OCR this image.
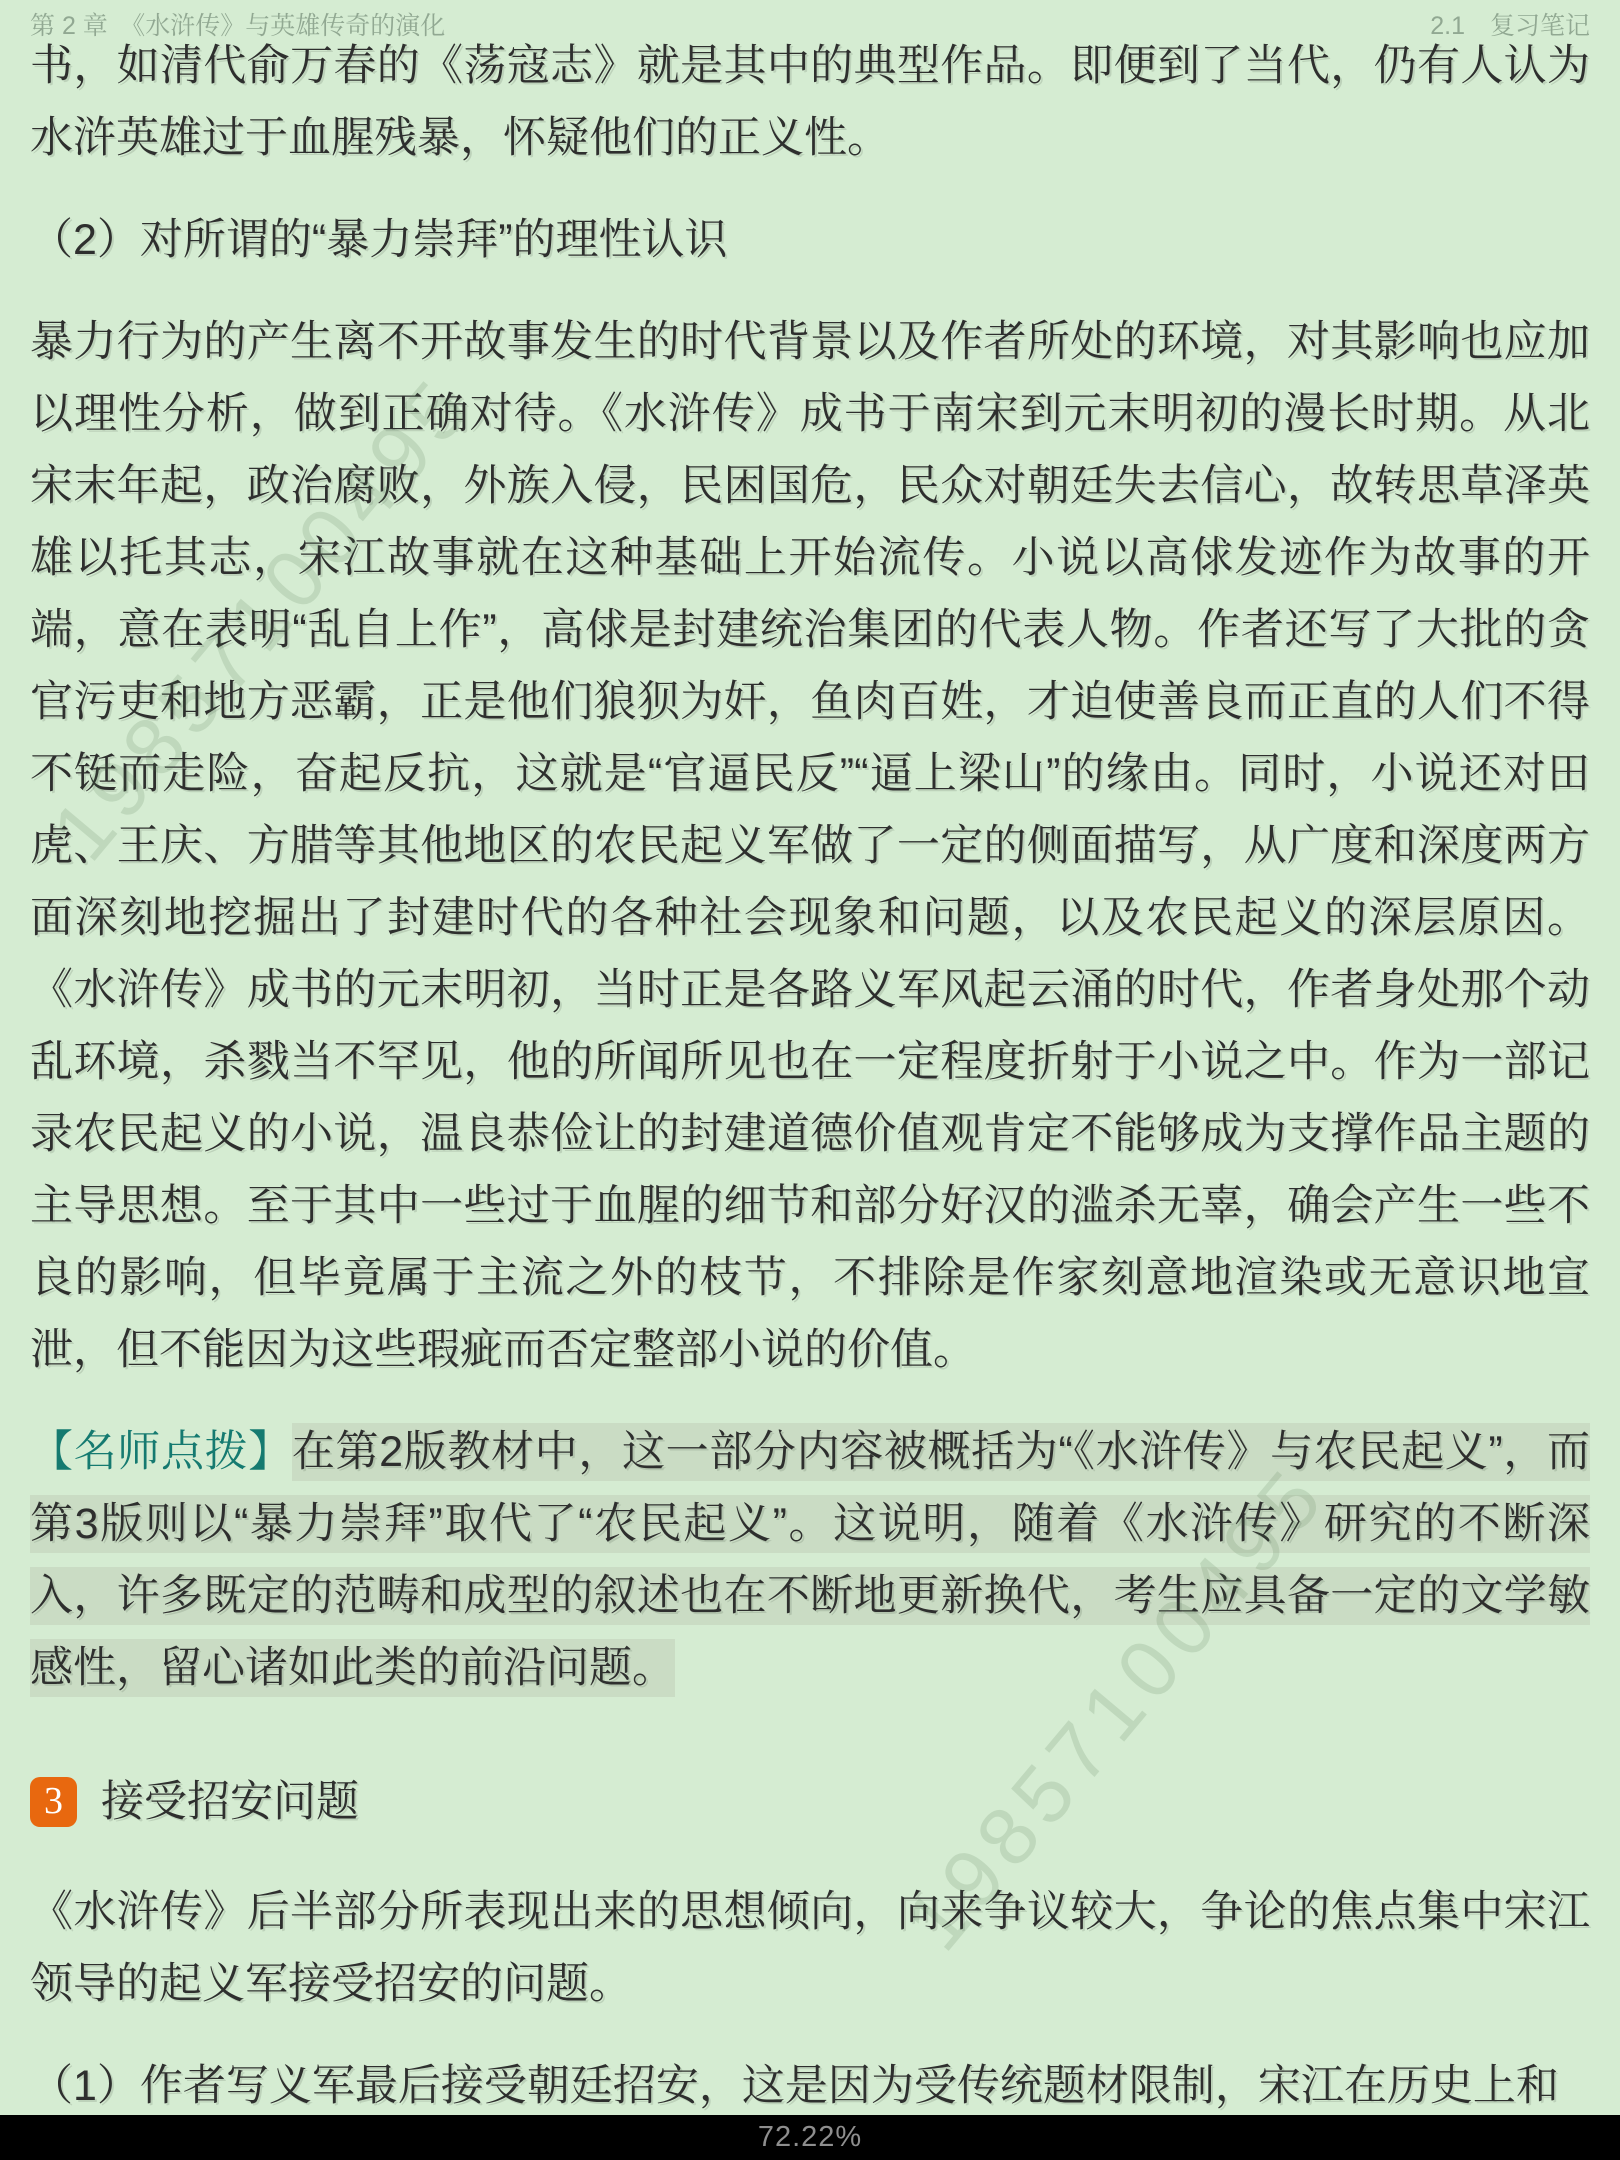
第 2 章　《水浒传》与英雄传奇的演化	2.1　复习笔记
19857100495
19857100495

书，如清代俞万春的《荡寇志》就是其中的典型作品。即便到了当代，仍有人认为水浒英雄过于血腥残暴，怀疑他们的正义性。

（2）对所谓的“暴力崇拜”的理性认识

暴力行为的产生离不开故事发生的时代背景以及作者所处的环境，对其影响也应加以理性分析，做到正确对待。《水浒传》成书于南宋到元末明初的漫长时期。从北宋末年起，政治腐败，外族入侵，民困国危，民众对朝廷失去信心，故转思草泽英雄以托其志，宋江故事就在这种基础上开始流传。小说以高俅发迹作为故事的开端，意在表明“乱自上作”，高俅是封建统治集团的代表人物。作者还写了大批的贪官污吏和地方恶霸，正是他们狼狈为奸，鱼肉百姓，才迫使善良而正直的人们不得不铤而走险，奋起反抗，这就是“官逼民反”“逼上梁山”的缘由。同时，小说还对田虎、王庆、方腊等其他地区的农民起义军做了一定的侧面描写，从广度和深度两方面深刻地挖掘出了封建时代的各种社会现象和问题，以及农民起义的深层原因。《水浒传》成书的元末明初，当时正是各路义军风起云涌的时代，作者身处那个动乱环境，杀戮当不罕见，他的所闻所见也在一定程度折射于小说之中。作为一部记录农民起义的小说，温良恭俭让的封建道德价值观肯定不能够成为支撑作品主题的主导思想。至于其中一些过于血腥的细节和部分好汉的滥杀无辜，确会产生一些不良的影响，但毕竟属于主流之外的枝节，不排除是作家刻意地渲染或无意识地宣泄，但不能因为这些瑕疵而否定整部小说的价值。

【名师点拨】在第2版教材中，这一部分内容被概括为“《水浒传》与农民起义”，而第3版则以“暴力崇拜”取代了“农民起义”。这说明，随着《水浒传》研究的不断深入，许多既定的范畴和成型的叙述也在不断地更新换代，考生应具备一定的文学敏感性，留心诸如此类的前沿问题。

3 接受招安问题

《水浒传》后半部分所表现出来的思想倾向，向来争议较大，争论的焦点集中宋江领导的起义军接受招安的问题。

（1）作者写义军最后接受朝廷招安，这是因为受传统题材限制，宋江在历史上和

72.22%
